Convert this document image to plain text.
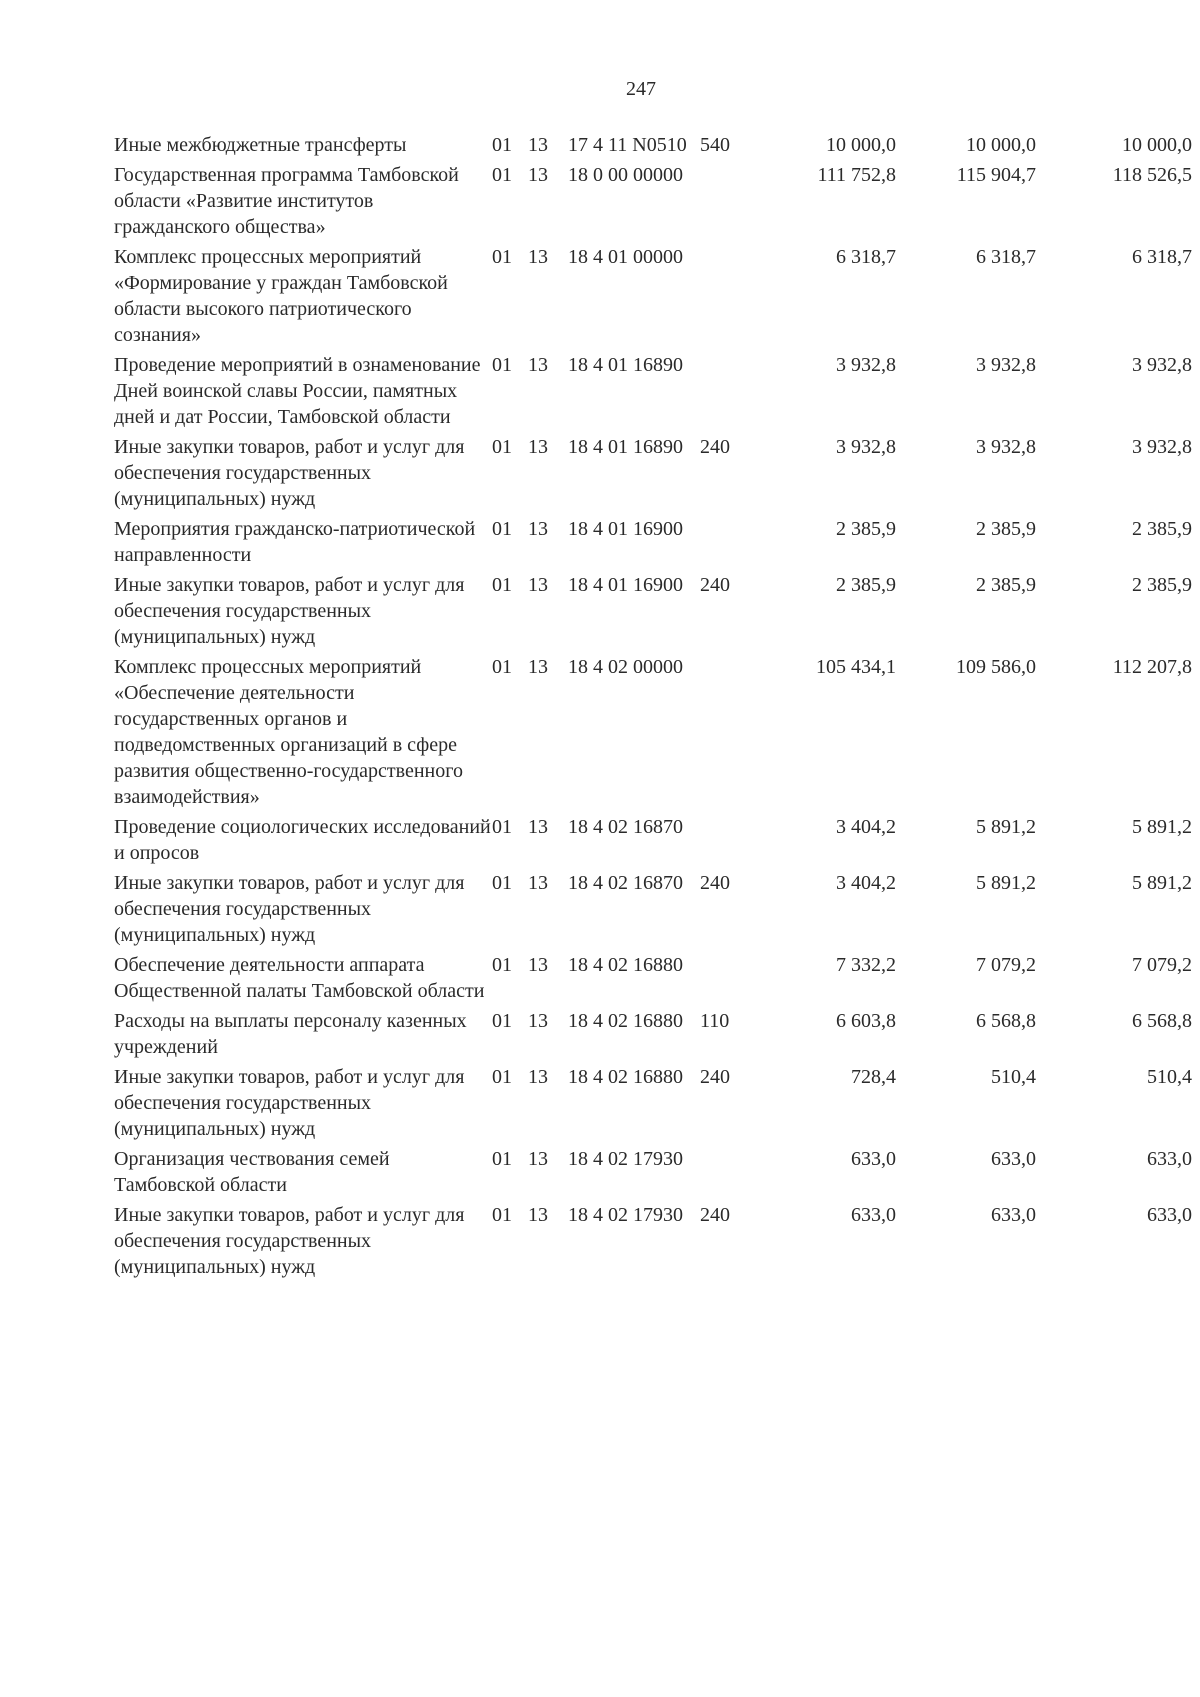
247
Иные межбюджетные трансферты	01	13	17 4 11 N0510	540	10 000,0	10 000,0	10 000,0
Государственная программа Тамбовской области «Развитие институтов гражданского общества»	01	13	18 0 00 00000		111 752,8	115 904,7	118 526,5
Комплекс процессных мероприятий «Формирование у граждан Тамбовской области высокого патриотического сознания»	01	13	18 4 01 00000		6 318,7	6 318,7	6 318,7
Проведение мероприятий в ознаменование Дней воинской славы России, памятных дней и дат России, Тамбовской области	01	13	18 4 01 16890		3 932,8	3 932,8	3 932,8
Иные закупки товаров, работ и услуг для обеспечения государственных (муниципальных) нужд	01	13	18 4 01 16890	240	3 932,8	3 932,8	3 932,8
Мероприятия гражданско-патриотической направленности	01	13	18 4 01 16900		2 385,9	2 385,9	2 385,9
Иные закупки товаров, работ и услуг для обеспечения государственных (муниципальных) нужд	01	13	18 4 01 16900	240	2 385,9	2 385,9	2 385,9
Комплекс процессных мероприятий «Обеспечение деятельности государственных органов и подведомственных организаций в сфере развития общественно-государственного взаимодействия»	01	13	18 4 02 00000		105 434,1	109 586,0	112 207,8
Проведение социологических исследований и опросов	01	13	18 4 02 16870		3 404,2	5 891,2	5 891,2
Иные закупки товаров, работ и услуг для обеспечения государственных (муниципальных) нужд	01	13	18 4 02 16870	240	3 404,2	5 891,2	5 891,2
Обеспечение деятельности аппарата Общественной палаты Тамбовской области	01	13	18 4 02 16880		7 332,2	7 079,2	7 079,2
Расходы на выплаты персоналу казенных учреждений	01	13	18 4 02 16880	110	6 603,8	6 568,8	6 568,8
Иные закупки товаров, работ и услуг для обеспечения государственных (муниципальных) нужд	01	13	18 4 02 16880	240	728,4	510,4	510,4
Организация чествования семей Тамбовской области	01	13	18 4 02 17930		633,0	633,0	633,0
Иные закупки товаров, работ и услуг для обеспечения государственных (муниципальных) нужд	01	13	18 4 02 17930	240	633,0	633,0	633,0
